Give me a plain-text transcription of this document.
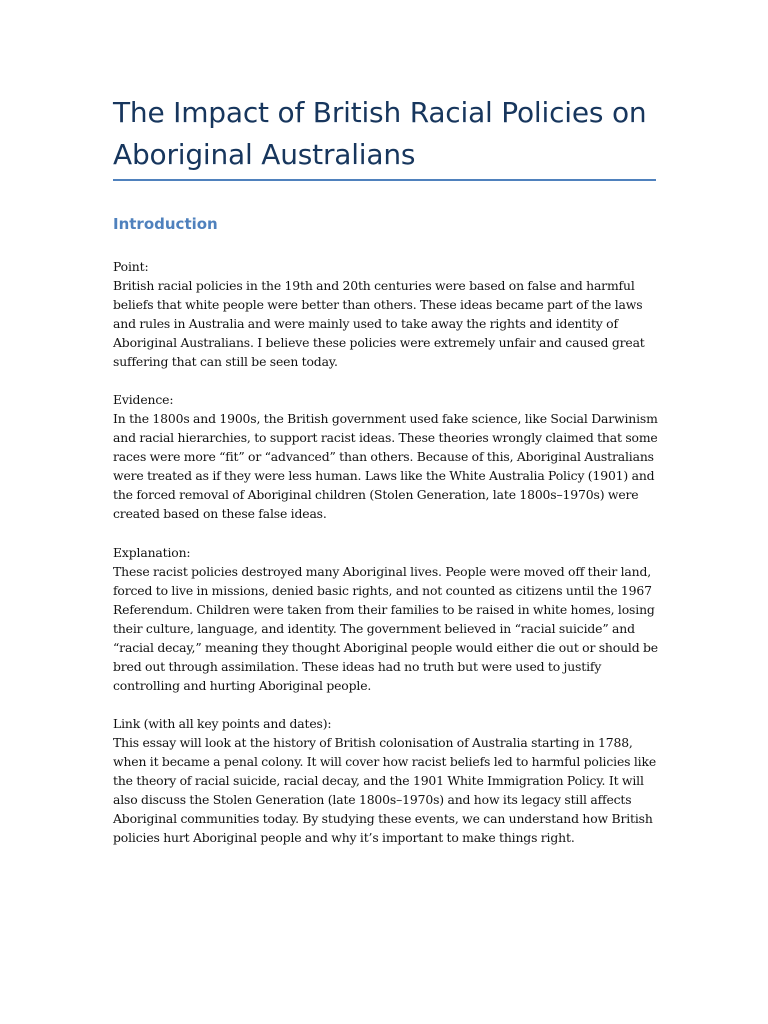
The Impact of British Racial Policies on Aboriginal Australians
Introduction
Point:

British racial policies in the 19th and 20th centuries were based on false and harmful beliefs that white people were better than others. These ideas became part of the laws and rules in Australia and were mainly used to take away the rights and identity of Aboriginal Australians. I believe these policies were extremely unfair and caused great suffering that can still be seen today.

Evidence:

In the 1800s and 1900s, the British government used fake science, like Social Darwinism and racial hierarchies, to support racist ideas. These theories wrongly claimed that some races were more “fit” or “advanced” than others. Because of this, Aboriginal Australians were treated as if they were less human. Laws like the White Australia Policy (1901) and the forced removal of Aboriginal children (Stolen Generation, late 1800s–1970s) were created based on these false ideas.

Explanation:

These racist policies destroyed many Aboriginal lives. People were moved off their land, forced to live in missions, denied basic rights, and not counted as citizens until the 1967 Referendum. Children were taken from their families to be raised in white homes, losing their culture, language, and identity. The government believed in “racial suicide” and “racial decay,” meaning they thought Aboriginal people would either die out or should be bred out through assimilation. These ideas had no truth but were used to justify controlling and hurting Aboriginal people.

Link (with all key points and dates):

This essay will look at the history of British colonisation of Australia starting in 1788, when it became a penal colony. It will cover how racist beliefs led to harmful policies like the theory of racial suicide, racial decay, and the 1901 White Immigration Policy. It will also discuss the Stolen Generation (late 1800s–1970s) and how its legacy still affects Aboriginal communities today. By studying these events, we can understand how British policies hurt Aboriginal people and why it’s important to make things right.
